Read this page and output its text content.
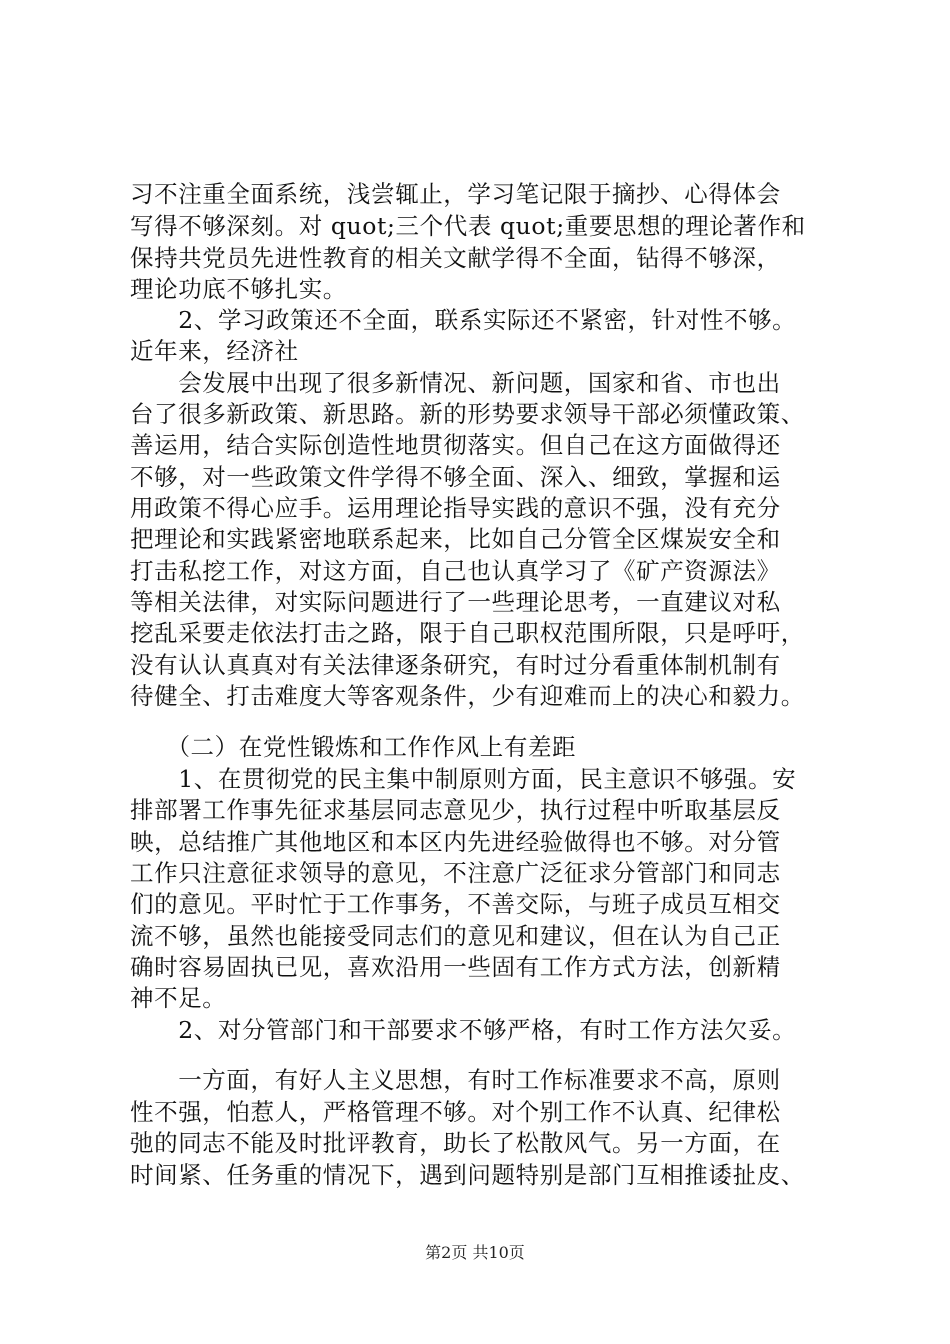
习不注重全面系统，浅尝辄止，学习笔记限于摘抄、心得体会
写得不够深刻。对 quot;三个代表 quot;重要思想的理论著作和
保持共党员先进性教育的相关文献学得不全面，钻得不够深，
理论功底不够扎实。
　　2、学习政策还不全面，联系实际还不紧密，针对性不够。
近年来，经济社
　　会发展中出现了很多新情况、新问题，国家和省、市也出
台了很多新政策、新思路。新的形势要求领导干部必须懂政策、
善运用，结合实际创造性地贯彻落实。但自己在这方面做得还
不够，对一些政策文件学得不够全面、深入、细致，掌握和运
用政策不得心应手。运用理论指导实践的意识不强，没有充分
把理论和实践紧密地联系起来，比如自己分管全区煤炭安全和
打击私挖工作，对这方面，自己也认真学习了《矿产资源法》
等相关法律，对实际问题进行了一些理论思考，一直建议对私
挖乱采要走依法打击之路，限于自己职权范围所限，只是呼吁，
没有认认真真对有关法律逐条研究，有时过分看重体制机制有
待健全、打击难度大等客观条件，少有迎难而上的决心和毅力。
　　（二）在党性锻炼和工作作风上有差距
　　1、在贯彻党的民主集中制原则方面，民主意识不够强。安
排部署工作事先征求基层同志意见少，执行过程中听取基层反
映，总结推广其他地区和本区内先进经验做得也不够。对分管
工作只注意征求领导的意见，不注意广泛征求分管部门和同志
们的意见。平时忙于工作事务，不善交际，与班子成员互相交
流不够，虽然也能接受同志们的意见和建议，但在认为自己正
确时容易固执已见，喜欢沿用一些固有工作方式方法，创新精
神不足。
　　2、对分管部门和干部要求不够严格，有时工作方法欠妥。
　　一方面，有好人主义思想，有时工作标准要求不高，原则
性不强，怕惹人，严格管理不够。对个别工作不认真、纪律松
弛的同志不能及时批评教育，助长了松散风气。另一方面，在
时间紧、任务重的情况下，遇到问题特别是部门互相推诿扯皮、
第2页 共10页
